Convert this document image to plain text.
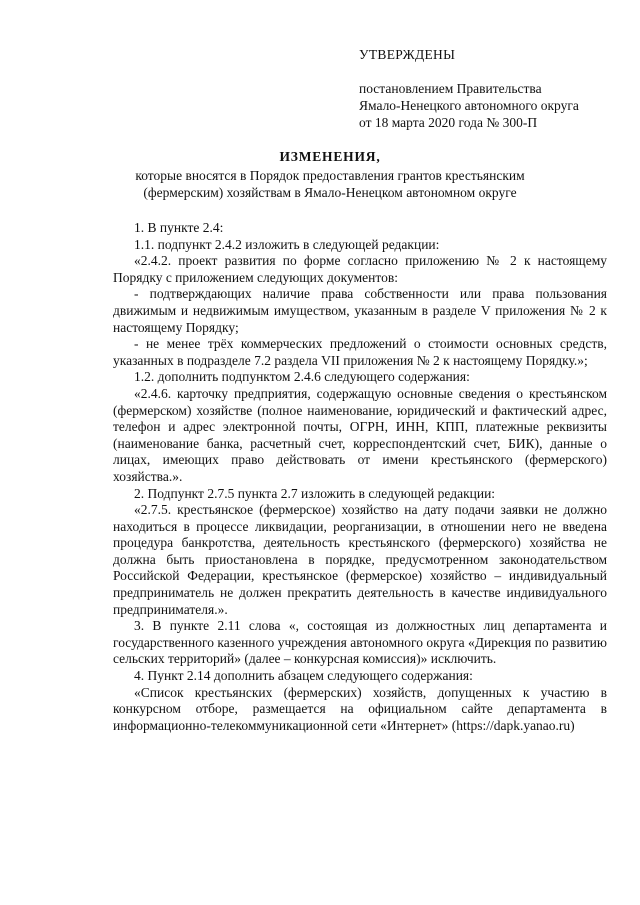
УТВЕРЖДЕНЫ
постановлением Правительства
Ямало-Ненецкого автономного округа
от 18 марта 2020 года № 300-П
ИЗМЕНЕНИЯ,
которые вносятся в Порядок предоставления грантов крестьянским
(фермерским) хозяйствам в Ямало-Ненецком автономном округе

1. В пункте 2.4:

1.1. подпункт 2.4.2 изложить в следующей редакции:

«2.4.2. проект развития по форме согласно приложению № 2 к настоящему Порядку с приложением следующих документов:

- подтверждающих наличие права собственности или права пользования движимым и недвижимым имуществом, указанным в разделе V приложения № 2 к настоящему Порядку;

- не менее трёх коммерческих предложений о стоимости основных средств, указанных в подразделе 7.2 раздела VII приложения № 2 к настоящему Порядку.»;

1.2. дополнить подпунктом 2.4.6 следующего содержания:

«2.4.6. карточку предприятия, содержащую основные сведения о крестьянском (фермерском) хозяйстве (полное наименование, юридический и фактический адрес, телефон и адрес электронной почты, ОГРН, ИНН, КПП, платежные реквизиты (наименование банка, расчетный счет, корреспондентский счет, БИК), данные о лицах, имеющих право действовать от имени крестьянского (фермерского) хозяйства.».

2. Подпункт 2.7.5 пункта 2.7 изложить в следующей редакции:

«2.7.5. крестьянское (фермерское) хозяйство на дату подачи заявки не должно находиться в процессе ликвидации, реорганизации, в отношении него не введена процедура банкротства, деятельность крестьянского (фермерского) хозяйства не должна быть приостановлена в порядке, предусмотренном законодательством Российской Федерации, крестьянское (фермерское) хозяйство – индивидуальный предприниматель не должен прекратить деятельность в качестве индивидуального предпринимателя.».

3. В пункте 2.11 слова «, состоящая из должностных лиц департамента и государственного казенного учреждения автономного округа «Дирекция по развитию сельских территорий» (далее – конкурсная комиссия)» исключить.

4. Пункт 2.14 дополнить абзацем следующего содержания:

«Список крестьянских (фермерских) хозяйств, допущенных к участию в конкурсном отборе, размещается на официальном сайте департамента в информационно-телекоммуникационной сети «Интернет» (https://dapk.yanao.ru)
